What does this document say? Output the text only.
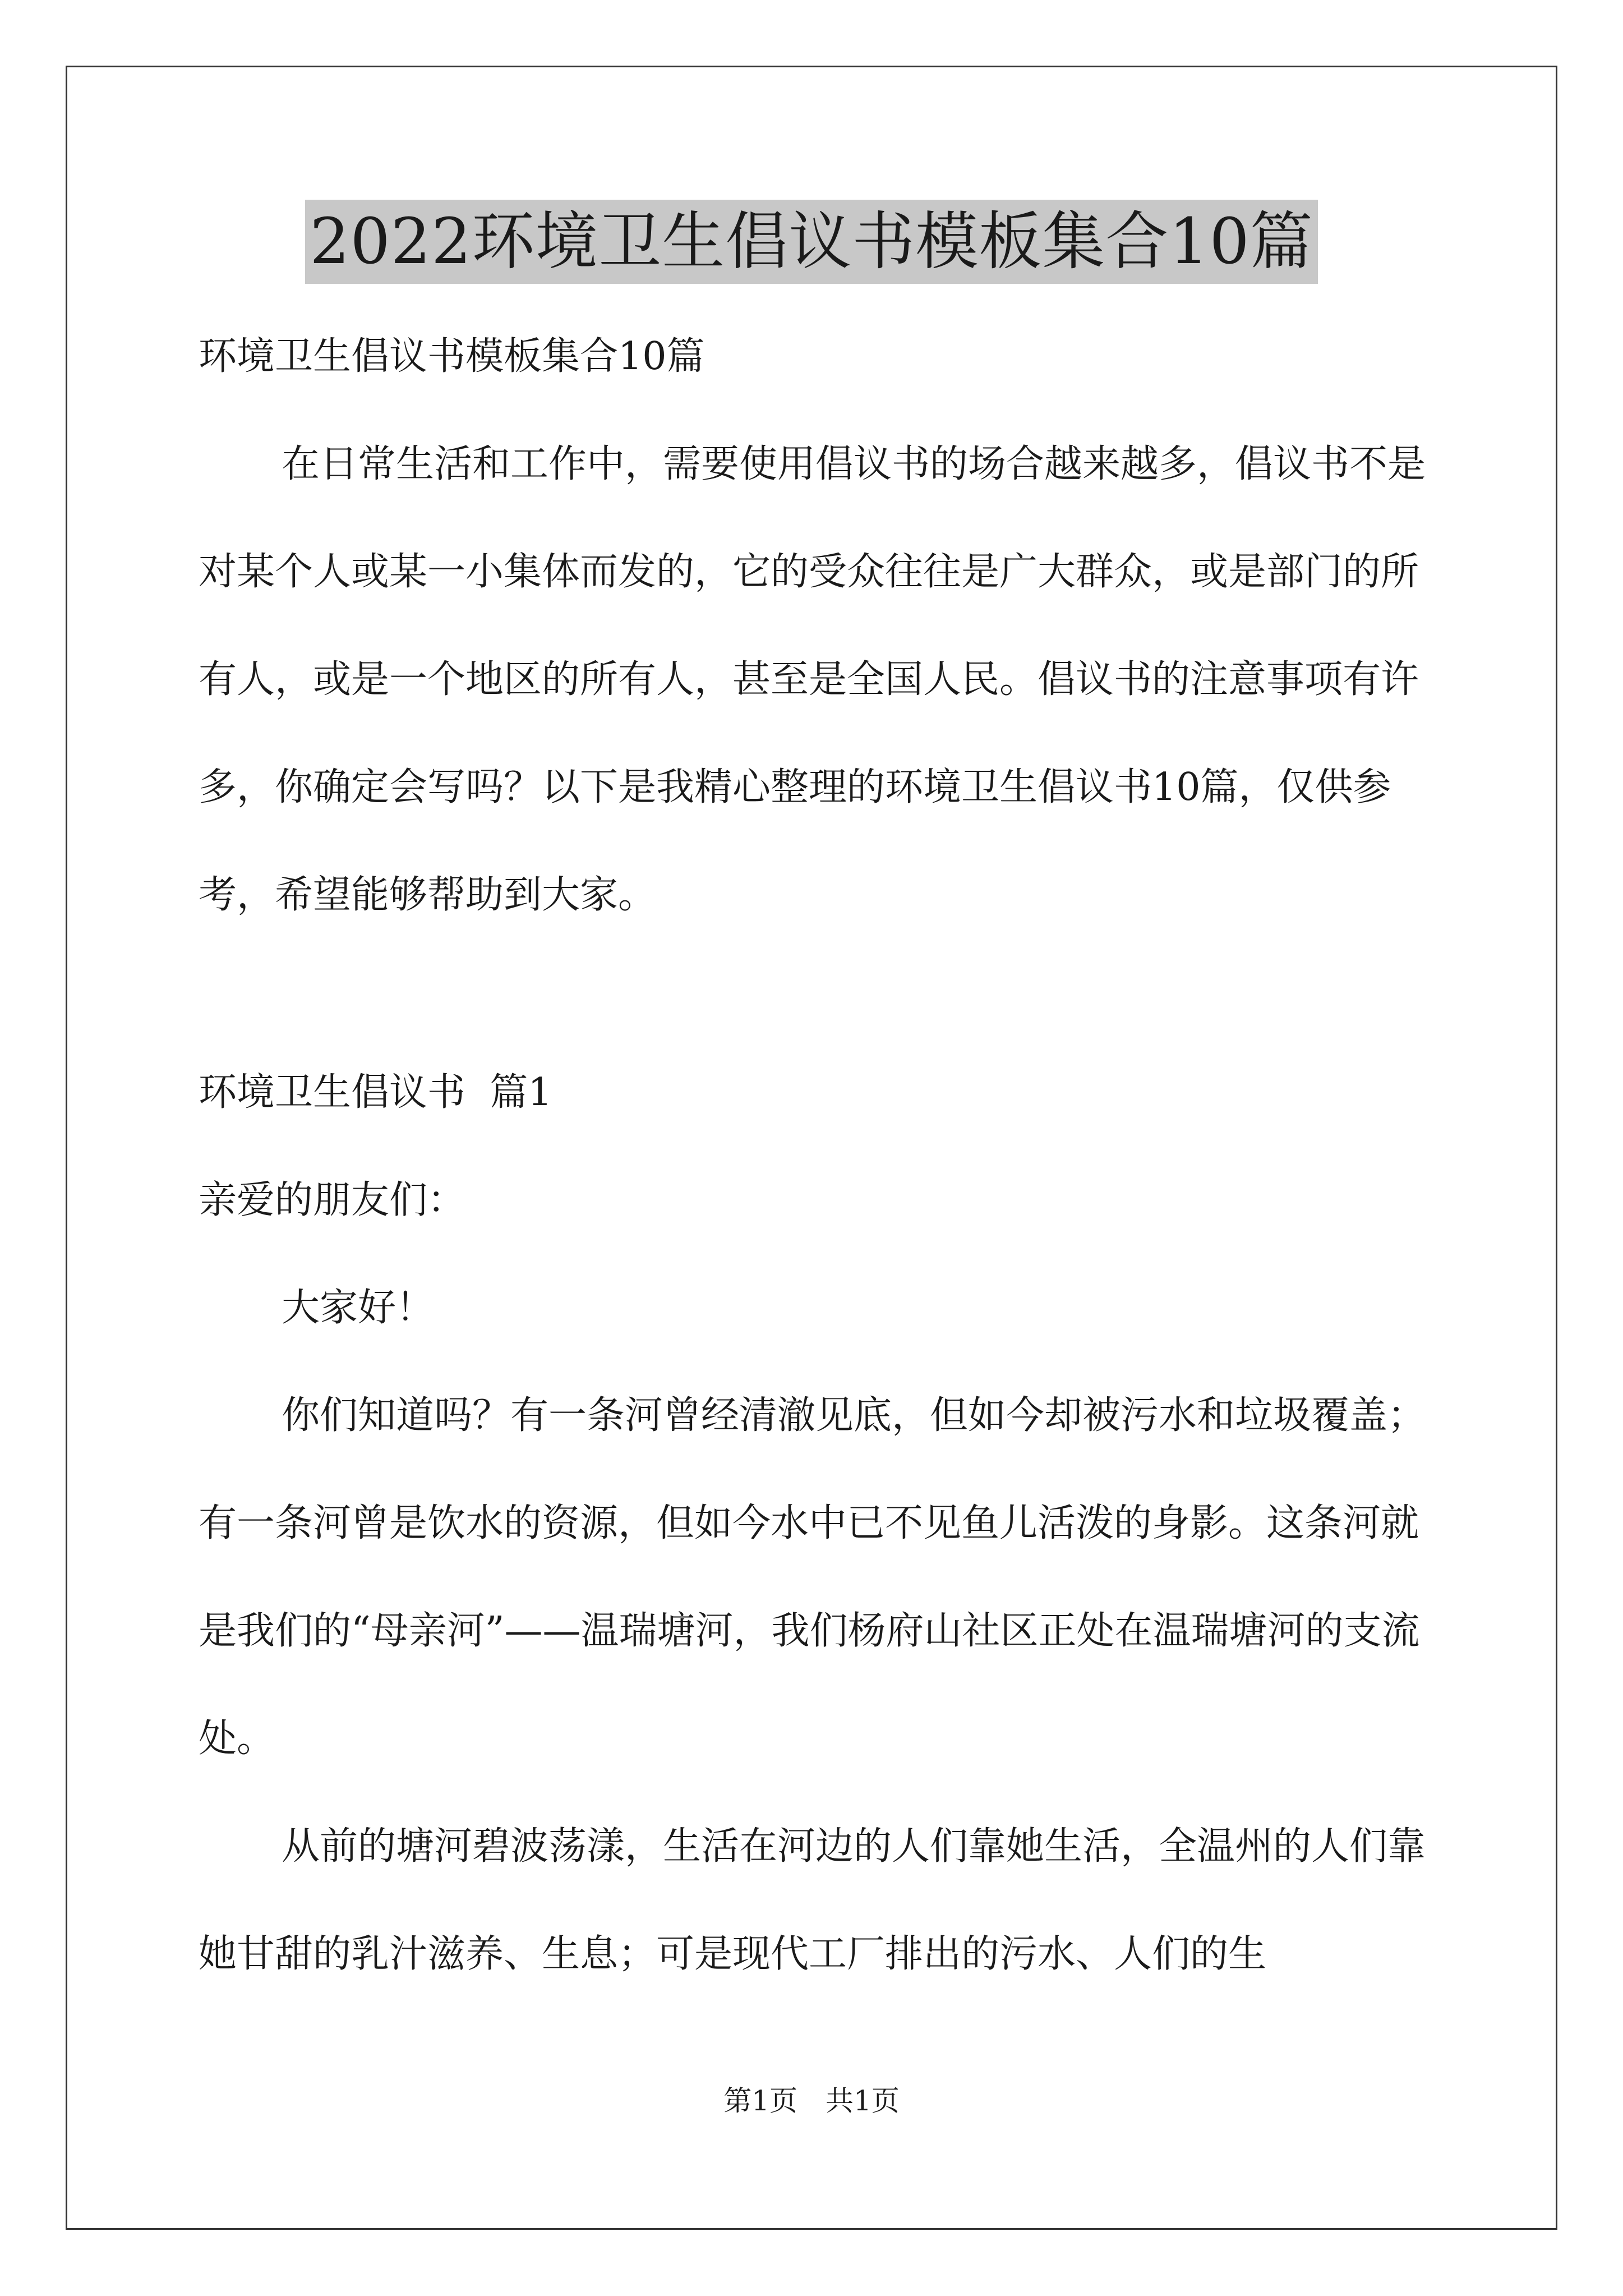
2022环境卫生倡议书模板集合10篇

环境卫生倡议书模板集合10篇

在日常生活和工作中，需要使用倡议书的场合越来越多，倡议书不是对某个人或某一小集体而发的，它的受众往往是广大群众，或是部门的所有人，或是一个地区的所有人，甚至是全国人民。倡议书的注意事项有许多，你确定会写吗？以下是我精心整理的环境卫生倡议书10篇，仅供参考，希望能够帮助到大家。

环境卫生倡议书  篇1

亲爱的朋友们：

大家好！

你们知道吗？有一条河曾经清澈见底，但如今却被污水和垃圾覆盖；有一条河曾是饮水的资源，但如今水中已不见鱼儿活泼的身影。这条河就是我们的“母亲河”——温瑞塘河，我们杨府山社区正处在温瑞塘河的支流处。

从前的塘河碧波荡漾，生活在河边的人们靠她生活，全温州的人们靠她甘甜的乳汁滋养、生息；可是现代工厂排出的污水、人们的生

第1页　共1页
